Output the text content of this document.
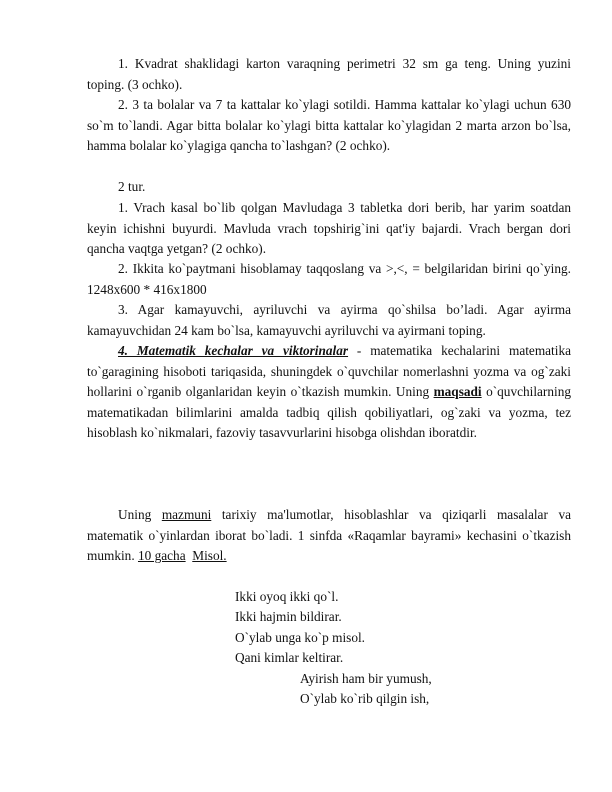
1. Kvadrat shaklidagi karton varaqning perimetri 32 sm ga teng. Uning yuzini toping. (3 ochko).

2. 3 ta bolalar va 7 ta kattalar ko`ylagi sotildi. Hamma kattalar ko`ylagi uchun 630 so`m to`landi. Agar bitta bolalar ko`ylagi bitta kattalar ko`ylagidan 2 marta arzon bo`lsa, hamma bolalar ko`ylagiga qancha to`lashgan? (2 ochko).

2 tur.

1. Vrach kasal bo`lib qolgan Mavludaga 3 tabletka dori berib, har yarim soatdan keyin ichishni buyurdi. Mavluda vrach topshirig`ini qat'iy bajardi. Vrach bergan dori qancha vaqtga yetgan? (2 ochko).

2. Ikkita ko`paytmani hisoblamay taqqoslang va >,<, = belgilaridan birini qo`ying. 1248x600 * 416x1800

3. Agar kamayuvchi, ayriluvchi va ayirma qo`shilsa bo’ladi. Agar ayirma kamayuvchidan 24 kam bo`lsa, kamayuvchi ayriluvchi va ayirmani toping.

4. Matematik kechalar va viktorinalar - matematika kechalarini matematika to`garagining hisoboti tariqasida, shuningdek o`quvchilar nomerlashni yozma va og`zaki hollarini o`rganib olganlaridan keyin o`tkazish mumkin. Uning maqsadi o`quvchilarning matematikadan bilimlarini amalda tadbiq qilish qobiliyatlari, og`zaki va yozma, tez hisoblash ko`nikmalari, fazoviy tasavvurlarini hisobga olishdan iboratdir.

Uning mazmuni tarixiy ma'lumotlar, hisoblashlar va qiziqarli masalalar va matematik o`yinlardan iborat bo`ladi. 1 sinfda «Raqamlar bayrami» kechasini o`tkazish mumkin. 10 gacha Misol.

Ikki oyoq ikki qo`l.

Ikki hajmin bildirar.

O`ylab unga ko`p misol.

Qani kimlar keltirar.

Ayirish ham bir yumush,

O`ylab ko`rib qilgin ish,
